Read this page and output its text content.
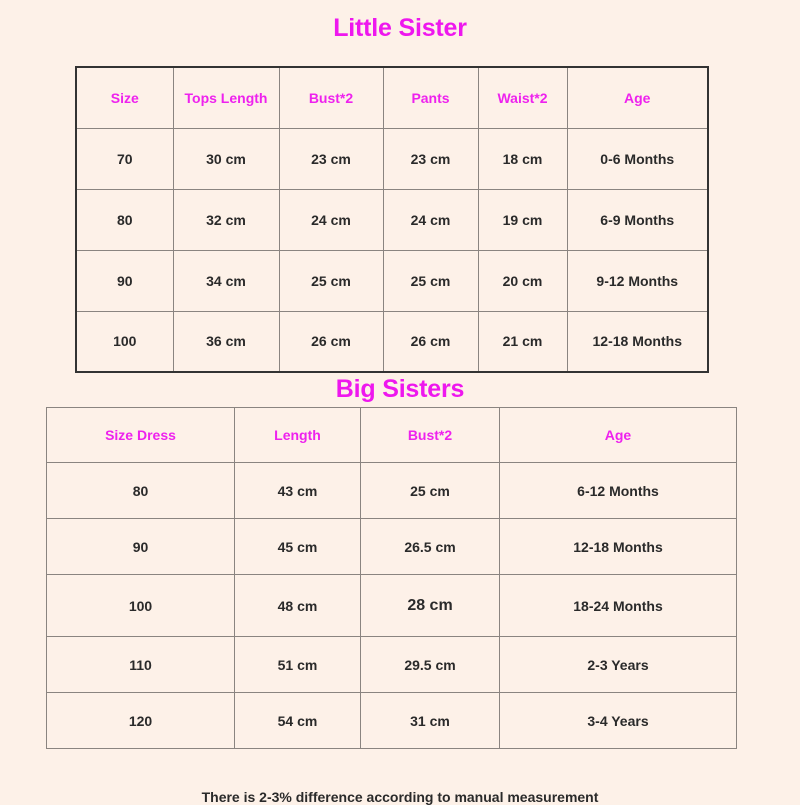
Little Sister
Size	Tops Length	Bust*2	Pants	Waist*2	Age
70	30 cm	23 cm	23 cm	18 cm	0-6 Months
80	32 cm	24 cm	24 cm	19 cm	6-9 Months
90	34 cm	25 cm	25 cm	20 cm	9-12 Months
100	36 cm	26 cm	26 cm	21 cm	12-18 Months
Big Sisters
Size Dress	Length	Bust*2	Age
80	43 cm	25 cm	6-12 Months
90	45 cm	26.5 cm	12-18 Months
100	48 cm	28 cm	18-24 Months
110	51 cm	29.5 cm	2-3 Years
120	54 cm	31 cm	3-4 Years
There is 2-3% difference according to manual measurement
